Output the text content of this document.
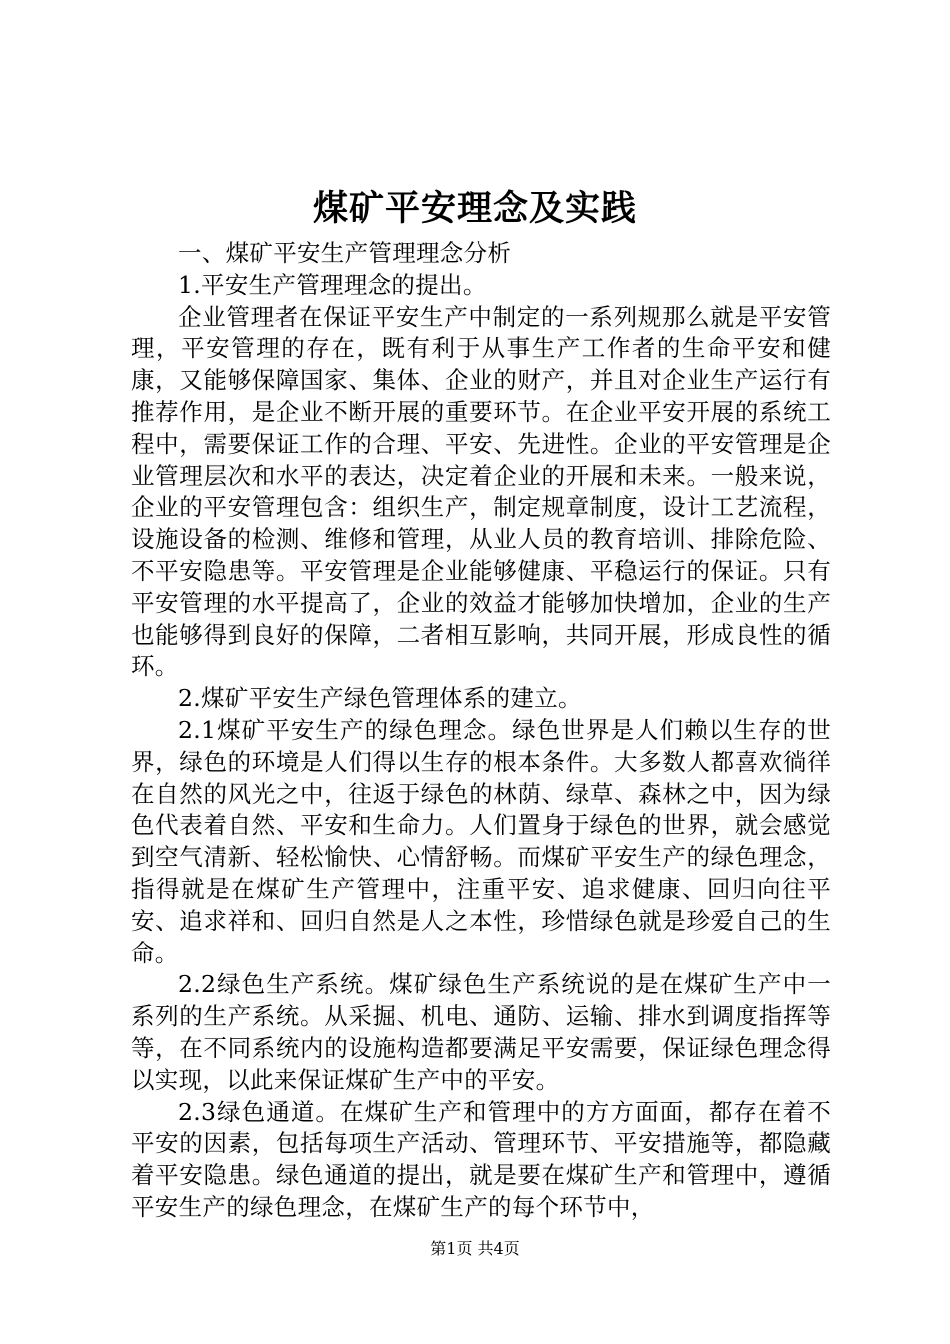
煤矿平安理念及实践

一、煤矿平安生产管理理念分析

1.平安生产管理理念的提出。

企业管理者在保证平安生产中制定的一系列规那么就是平安管理，平安管理的存在，既有利于从事生产工作者的生命平安和健康，又能够保障国家、集体、企业的财产，并且对企业生产运行有推荐作用，是企业不断开展的重要环节。在企业平安开展的系统工程中，需要保证工作的合理、平安、先进性。企业的平安管理是企业管理层次和水平的表达，决定着企业的开展和未来。一般来说，企业的平安管理包含：组织生产，制定规章制度，设计工艺流程，设施设备的检测、维修和管理，从业人员的教育培训、排除危险、不平安隐患等。平安管理是企业能够健康、平稳运行的保证。只有平安管理的水平提高了，企业的效益才能够加快增加，企业的生产也能够得到良好的保障，二者相互影响，共同开展，形成良性的循环。

2.煤矿平安生产绿色管理体系的建立。

2.1煤矿平安生产的绿色理念。绿色世界是人们赖以生存的世界，绿色的环境是人们得以生存的根本条件。大多数人都喜欢徜徉在自然的风光之中，往返于绿色的林荫、绿草、森林之中，因为绿色代表着自然、平安和生命力。人们置身于绿色的世界，就会感觉到空气清新、轻松愉快、心情舒畅。而煤矿平安生产的绿色理念，指得就是在煤矿生产管理中，注重平安、追求健康、回归向往平安、追求祥和、回归自然是人之本性，珍惜绿色就是珍爱自己的生命。

2.2绿色生产系统。煤矿绿色生产系统说的是在煤矿生产中一系列的生产系统。从采掘、机电、通防、运输、排水到调度指挥等等，在不同系统内的设施构造都要满足平安需要，保证绿色理念得以实现，以此来保证煤矿生产中的平安。

2.3绿色通道。在煤矿生产和管理中的方方面面，都存在着不平安的因素，包括每项生产活动、管理环节、平安措施等，都隐藏着平安隐患。绿色通道的提出，就是要在煤矿生产和管理中，遵循平安生产的绿色理念，在煤矿生产的每个环节中，

第1页 共4页
